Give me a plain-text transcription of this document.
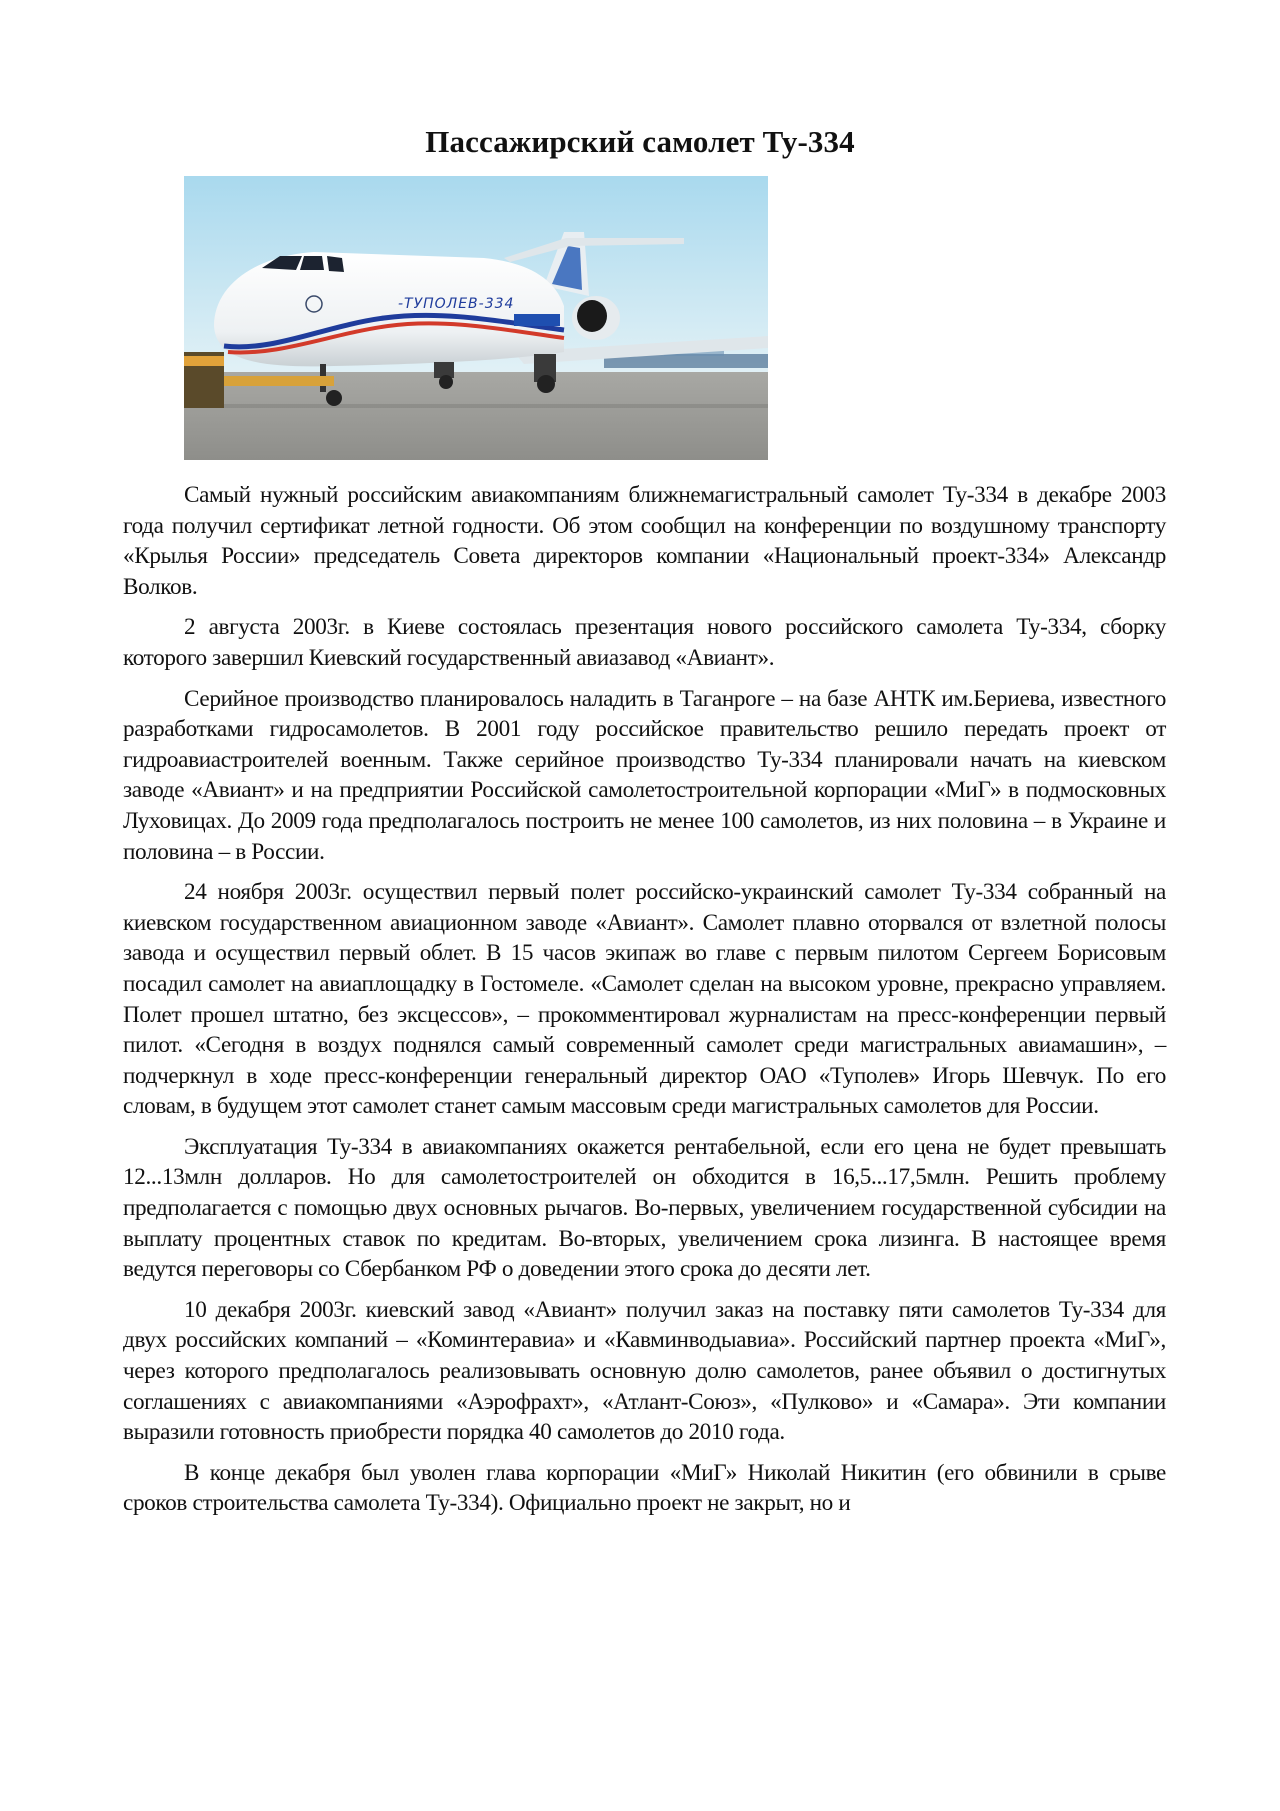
Пассажирский самолет Ту-334
-ТУПОЛЕВ-334

Самый нужный российским авиакомпаниям ближнемагистральный самолет Ту-334 в декабре 2003 года получил сертификат летной годности. Об этом сообщил на конференции по воздушному транспорту «Крылья России» председатель Совета директоров компании «Национальный проект-334» Александр Волков.

2 августа 2003г. в Киеве состоялась презентация нового российского самолета Ту-334, сборку которого завершил Киевский государственный авиазавод «Авиант».

Серийное производство планировалось наладить в Таганроге – на базе АНТК им.Бериева, известного разработками гидросамолетов. В 2001 году российское правительство решило передать проект от гидроавиастроителей военным. Также серийное производство Ту-334 планировали начать на киевском заводе «Авиант» и на предприятии Российской самолетостроительной корпорации «МиГ» в подмосковных Луховицах. До 2009 года предполагалось построить не менее 100 самолетов, из них половина – в Украине и половина – в России.

24 ноября 2003г. осуществил первый полет российско-украинский самолет Ту-334 собранный на киевском государственном авиационном заводе «Авиант». Самолет плавно оторвался от взлетной полосы завода и осуществил первый облет. В 15 часов экипаж во главе с первым пилотом Сергеем Борисовым посадил самолет на авиаплощадку в Гостомеле. «Самолет сделан на высоком уровне, прекрасно управляем. Полет прошел штатно, без эксцессов», – прокомментировал журналистам на пресс-конференции первый пилот. «Сегодня в воздух поднялся самый современный самолет среди магистральных авиамашин», – подчеркнул в ходе пресс-конференции генеральный директор ОАО «Туполев» Игорь Шевчук. По его словам, в будущем этот самолет станет самым массовым среди магистральных самолетов для России.

Эксплуатация Ту-334 в авиакомпаниях окажется рентабельной, если его цена не будет превышать 12...13млн долларов. Но для самолетостроителей он обходится в 16,5...17,5млн. Решить проблему предполагается с помощью двух основных рычагов. Во-первых, увеличением государственной субсидии на выплату процентных ставок по кредитам. Во-вторых, увеличением срока лизинга. В настоящее время ведутся переговоры со Сбербанком РФ о доведении этого срока до десяти лет.

10 декабря 2003г. киевский завод «Авиант» получил заказ на поставку пяти самолетов Ту-334 для двух российских компаний – «Коминтеравиа» и «Кавминводыавиа». Российский партнер проекта «МиГ», через которого предполагалось реализовывать основную долю самолетов, ранее объявил о достигнутых соглашениях с авиакомпаниями «Аэрофрахт», «Атлант-Союз», «Пулково» и «Самара». Эти компании выразили готовность приобрести порядка 40 самолетов до 2010 года.

В конце декабря был уволен глава корпорации «МиГ» Николай Никитин (его обвинили в срыве сроков строительства самолета Ту-334). Официально проект не закрыт, но и
